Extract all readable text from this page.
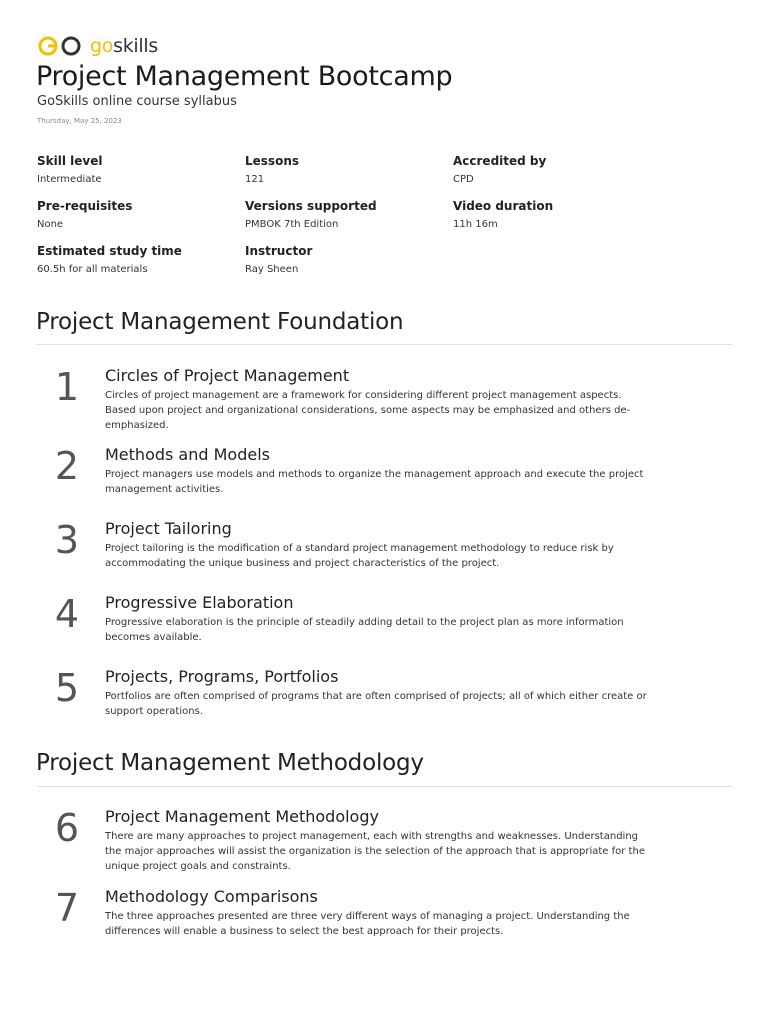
goskills
Project Management Bootcamp
GoSkills online course syllabus
Thursday, May 25, 2023
Skill level
Intermediate
Lessons
121
Accredited by
CPD
Pre-requisites
None
Versions supported
PMBOK 7th Edition
Video duration
11h 16m
Estimated study time
60.5h for all materials
Instructor
Ray Sheen
Project Management Foundation
1	Circles of Project Management
Circles of project management are a framework for considering different project management aspects. Based upon project and organizational considerations, some aspects may be emphasized and others de-emphasized.
2	Methods and Models
Project managers use models and methods to organize the management approach and execute the project management activities.
3	Project Tailoring
Project tailoring is the modification of a standard project management methodology to reduce risk by accommodating the unique business and project characteristics of the project.
4	Progressive Elaboration
Progressive elaboration is the principle of steadily adding detail to the project plan as more information becomes available.
5	Projects, Programs, Portfolios
Portfolios are often comprised of programs that are often comprised of projects; all of which either create or support operations.
Project Management Methodology
6	Project Management Methodology
There are many approaches to project management, each with strengths and weaknesses. Understanding the major approaches will assist the organization is the selection of the approach that is appropriate for the unique project goals and constraints.
7	Methodology Comparisons
The three approaches presented are three very different ways of managing a project. Understanding the differences will enable a business to select the best approach for their projects.
